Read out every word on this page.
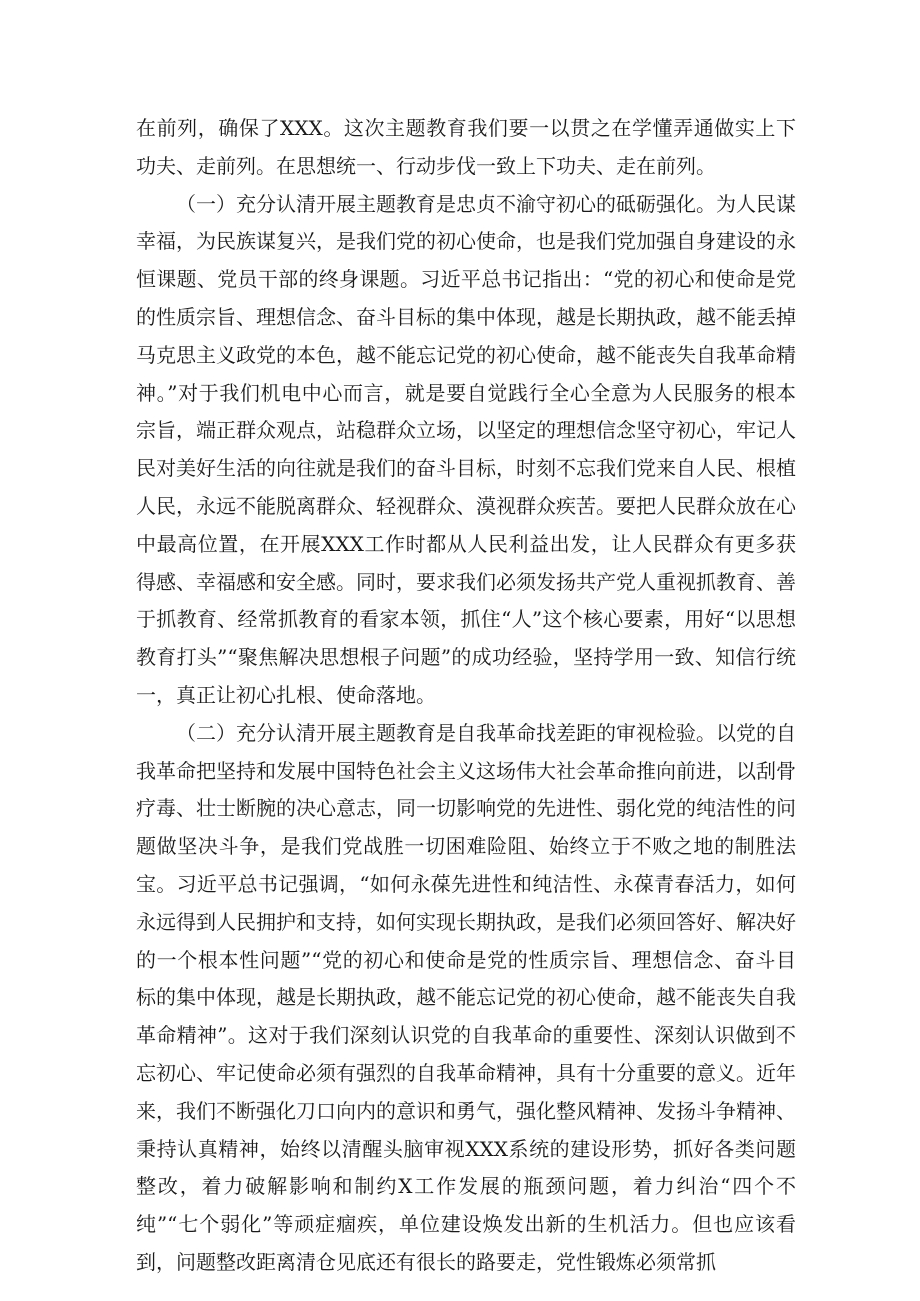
在前列，确保了XXX。这次主题教育我们要一以贯之在学懂弄通做实上下功夫、走前列。在思想统一、行动步伐一致上下功夫、走在前列。

（一）充分认清开展主题教育是忠贞不渝守初心的砥砺强化。为人民谋幸福，为民族谋复兴，是我们党的初心使命，也是我们党加强自身建设的永恒课题、党员干部的终身课题。习近平总书记指出：“党的初心和使命是党的性质宗旨、理想信念、奋斗目标的集中体现，越是长期执政，越不能丢掉马克思主义政党的本色，越不能忘记党的初心使命，越不能丧失自我革命精神。”对于我们机电中心而言，就是要自觉践行全心全意为人民服务的根本宗旨，端正群众观点，站稳群众立场，以坚定的理想信念坚守初心，牢记人民对美好生活的向往就是我们的奋斗目标，时刻不忘我们党来自人民、根植人民，永远不能脱离群众、轻视群众、漠视群众疾苦。要把人民群众放在心中最高位置，在开展XXX工作时都从人民利益出发，让人民群众有更多获得感、幸福感和安全感。同时，要求我们必须发扬共产党人重视抓教育、善于抓教育、经常抓教育的看家本领，抓住“人”这个核心要素，用好“以思想教育打头”“聚焦解决思想根子问题”的成功经验，坚持学用一致、知信行统一，真正让初心扎根、使命落地。

（二）充分认清开展主题教育是自我革命找差距的审视检验。以党的自我革命把坚持和发展中国特色社会主义这场伟大社会革命推向前进，以刮骨疗毒、壮士断腕的决心意志，同一切影响党的先进性、弱化党的纯洁性的问题做坚决斗争，是我们党战胜一切困难险阻、始终立于不败之地的制胜法宝。习近平总书记强调，“如何永葆先进性和纯洁性、永葆青春活力，如何永远得到人民拥护和支持，如何实现长期执政，是我们必须回答好、解决好的一个根本性问题”“党的初心和使命是党的性质宗旨、理想信念、奋斗目标的集中体现，越是长期执政，越不能忘记党的初心使命，越不能丧失自我革命精神”。这对于我们深刻认识党的自我革命的重要性、深刻认识做到不忘初心、牢记使命必须有强烈的自我革命精神，具有十分重要的意义。近年来，我们不断强化刀口向内的意识和勇气，强化整风精神、发扬斗争精神、秉持认真精神，始终以清醒头脑审视XXX系统的建设形势，抓好各类问题整改，着力破解影响和制约X工作发展的瓶颈问题，着力纠治“四个不纯”“七个弱化”等顽症痼疾，单位建设焕发出新的生机活力。但也应该看到，问题整改距离清仓见底还有很长的路要走，党性锻炼必须常抓
